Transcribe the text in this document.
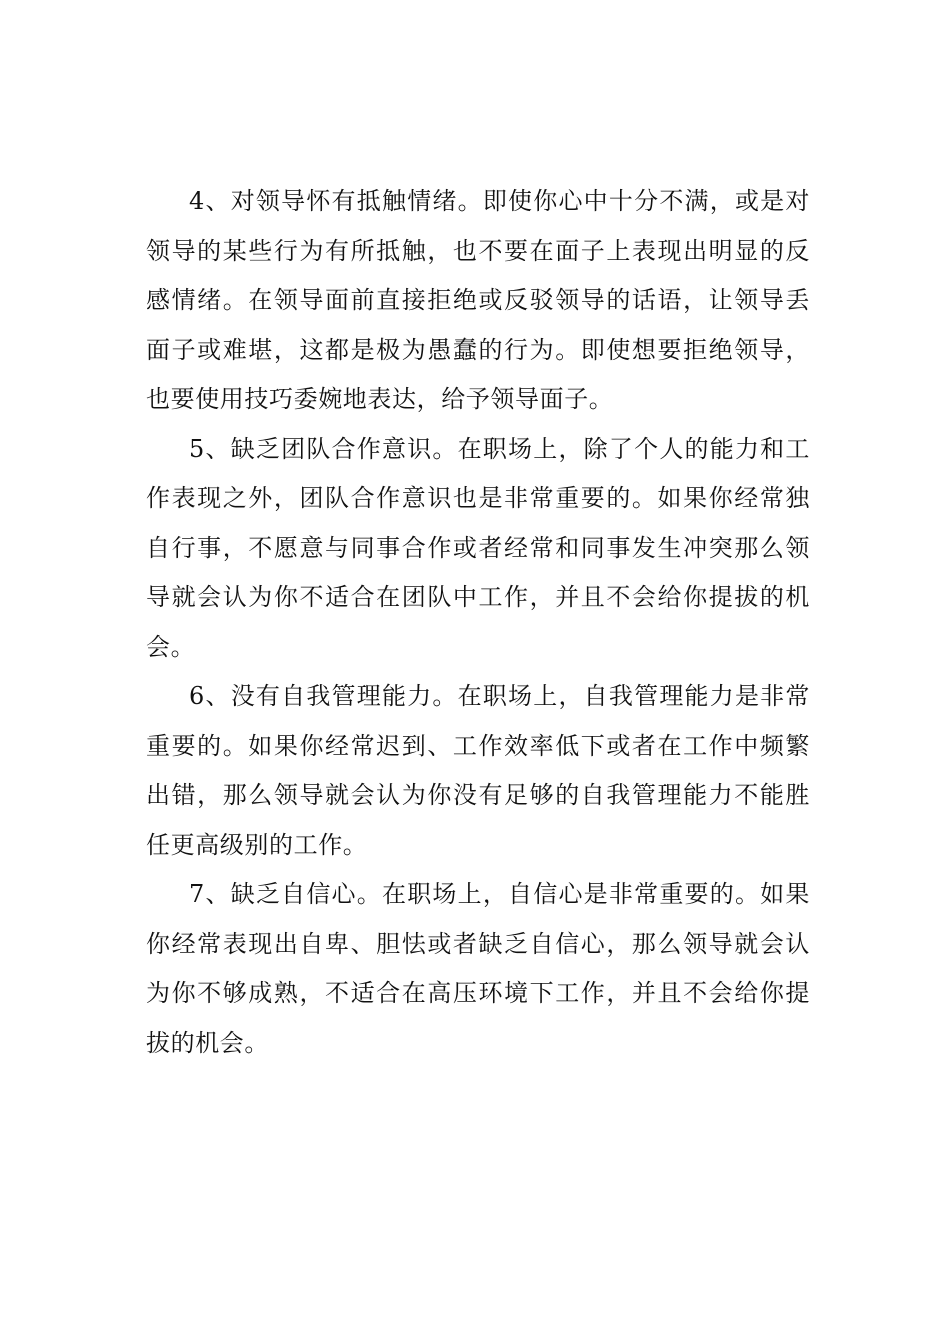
4、对领导怀有抵触情绪。即使你心中十分不满，或是对领导的某些行为有所抵触，也不要在面子上表现出明显的反感情绪。在领导面前直接拒绝或反驳领导的话语，让领导丢面子或难堪，这都是极为愚蠢的行为。即使想要拒绝领导，也要使用技巧委婉地表达，给予领导面子。

5、缺乏团队合作意识。在职场上，除了个人的能力和工作表现之外，团队合作意识也是非常重要的。如果你经常独自行事，不愿意与同事合作或者经常和同事发生冲突那么领导就会认为你不适合在团队中工作，并且不会给你提拔的机会。

6、没有自我管理能力。在职场上，自我管理能力是非常重要的。如果你经常迟到、工作效率低下或者在工作中频繁出错，那么领导就会认为你没有足够的自我管理能力不能胜任更高级别的工作。

7、缺乏自信心。在职场上，自信心是非常重要的。如果你经常表现出自卑、胆怯或者缺乏自信心，那么领导就会认为你不够成熟，不适合在高压环境下工作，并且不会给你提拔的机会。
